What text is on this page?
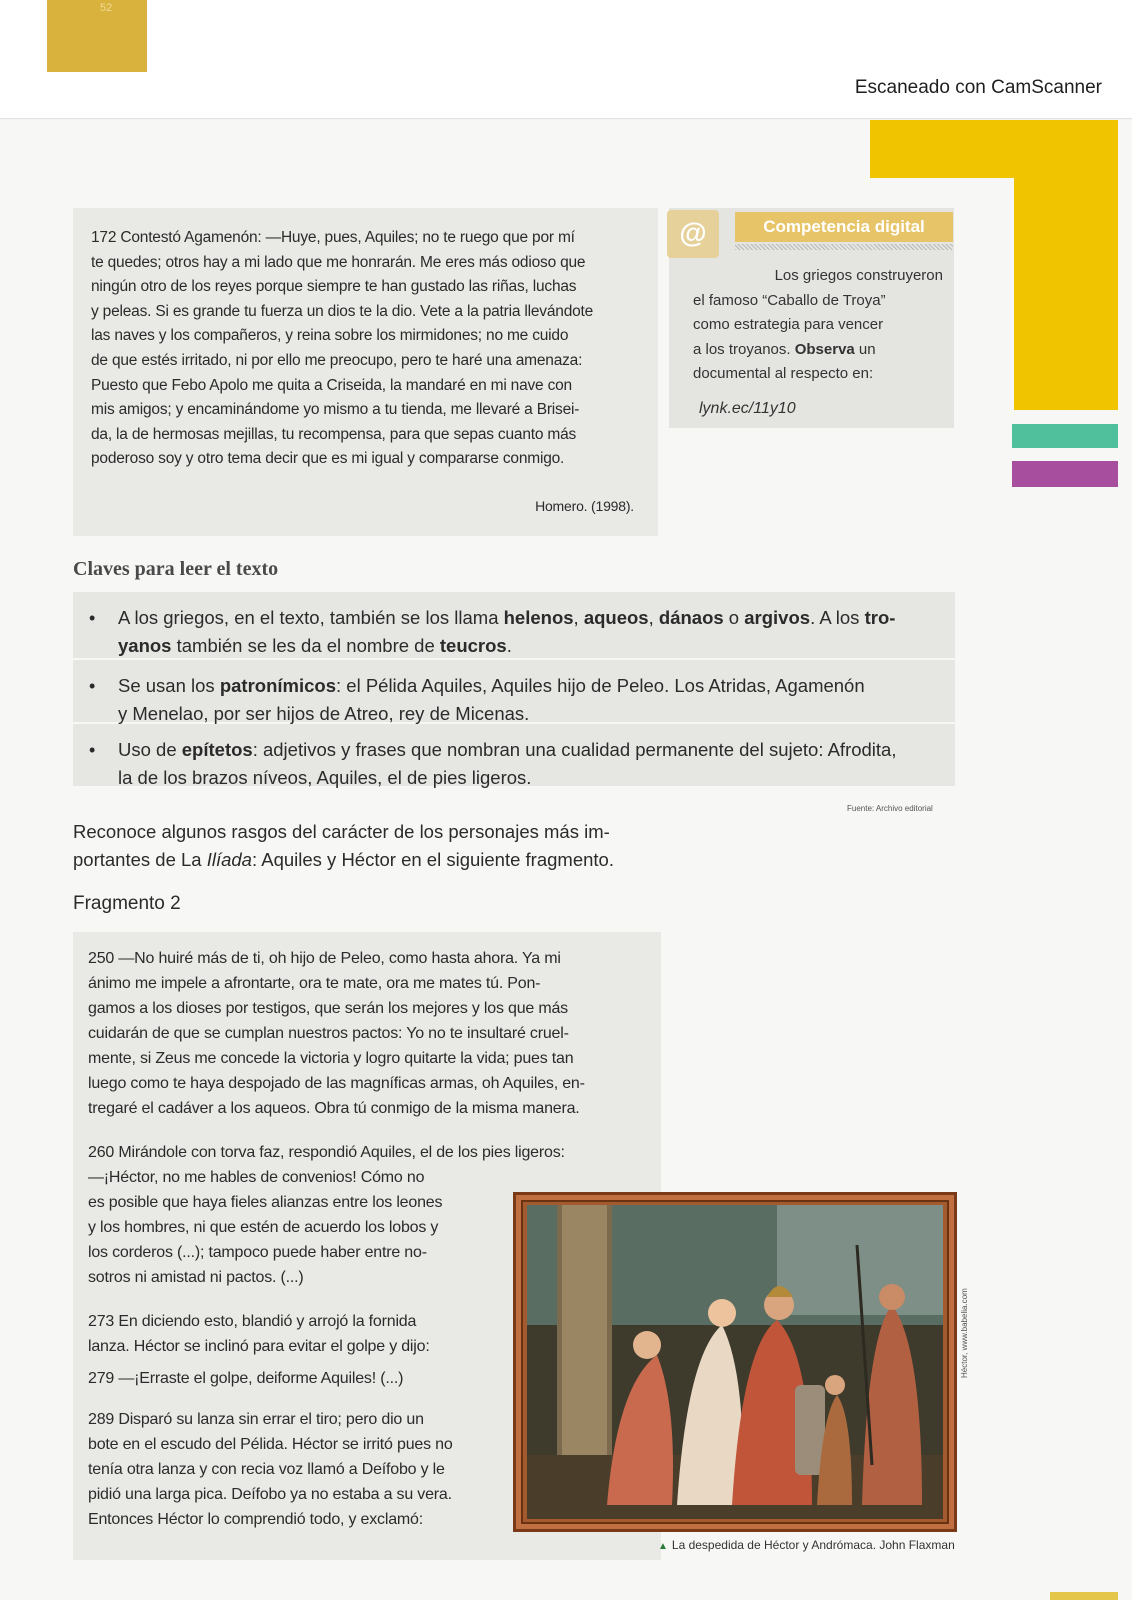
52
Escaneado con CamScanner
172 Contestó Agamenón: —Huye, pues, Aquiles; no te ruego que por mí
te quedes; otros hay a mi lado que me honrarán. Me eres más odioso que
ningún otro de los reyes porque siempre te han gustado las riñas, luchas
y peleas. Si es grande tu fuerza un dios te la dio. Vete a la patria llevándote
las naves y los compañeros, y reina sobre los mirmidones; no me cuido
de que estés irritado, ni por ello me preocupo, pero te haré una amenaza:
Puesto que Febo Apolo me quita a Criseida, la mandaré en mi nave con
mis amigos; y encaminándome yo mismo a tu tienda, me llevaré a Brisei-
da, la de hermosas mejillas, tu recompensa, para que sepas cuanto más
poderoso soy y otro tema decir que es mi igual y compararse conmigo.
Homero. (1998).
@	Competencia digital
Los griegos construyeron
el famoso “Caballo de Troya”
como estrategia para vencer
a los troyanos. Observa un
documental al respecto en:
lynk.ec/11y10
Claves para leer el texto
• A los griegos, en el texto, también se los llama helenos, aqueos, dánaos o argivos. A los tro-
yanos también se les da el nombre de teucros.
• Se usan los patronímicos: el Pélida Aquiles, Aquiles hijo de Peleo. Los Atridas, Agamenón
y Menelao, por ser hijos de Atreo, rey de Micenas.
• Uso de epítetos: adjetivos y frases que nombran una cualidad permanente del sujeto: Afrodita,
la de los brazos níveos, Aquiles, el de pies ligeros.
Fuente: Archivo editorial
Reconoce algunos rasgos del carácter de los personajes más im-
portantes de La Ilíada: Aquiles y Héctor en el siguiente fragmento.
Fragmento 2
250 —No huiré más de ti, oh hijo de Peleo, como hasta ahora. Ya mi
ánimo me impele a afrontarte, ora te mate, ora me mates tú. Pon-
gamos a los dioses por testigos, que serán los mejores y los que más
cuidarán de que se cumplan nuestros pactos: Yo no te insultaré cruel-
mente, si Zeus me concede la victoria y logro quitarte la vida; pues tan
luego como te haya despojado de las magníficas armas, oh Aquiles, en-
tregaré el cadáver a los aqueos. Obra tú conmigo de la misma manera.
260 Mirándole con torva faz, respondió Aquiles, el de los pies ligeros:
—¡Héctor, no me hables de convenios! Cómo no
es posible que haya fieles alianzas entre los leones
y los hombres, ni que estén de acuerdo los lobos y
los corderos (...); tampoco puede haber entre no-
sotros ni amistad ni pactos. (...)
273 En diciendo esto, blandió y arrojó la fornida
lanza. Héctor se inclinó para evitar el golpe y dijo:
279 —¡Erraste el golpe, deiforme Aquiles! (...)
289 Disparó su lanza sin errar el tiro; pero dio un
bote en el escudo del Pélida. Héctor se irritó pues no
tenía otra lanza y con recia voz llamó a Deífobo y le
pidió una larga pica. Deífobo ya no estaba a su vera.
Entonces Héctor lo comprendió todo, y exclamó:
Héctor, www.babelia.com
▲ La despedida de Héctor y Andrómaca. John Flaxman
